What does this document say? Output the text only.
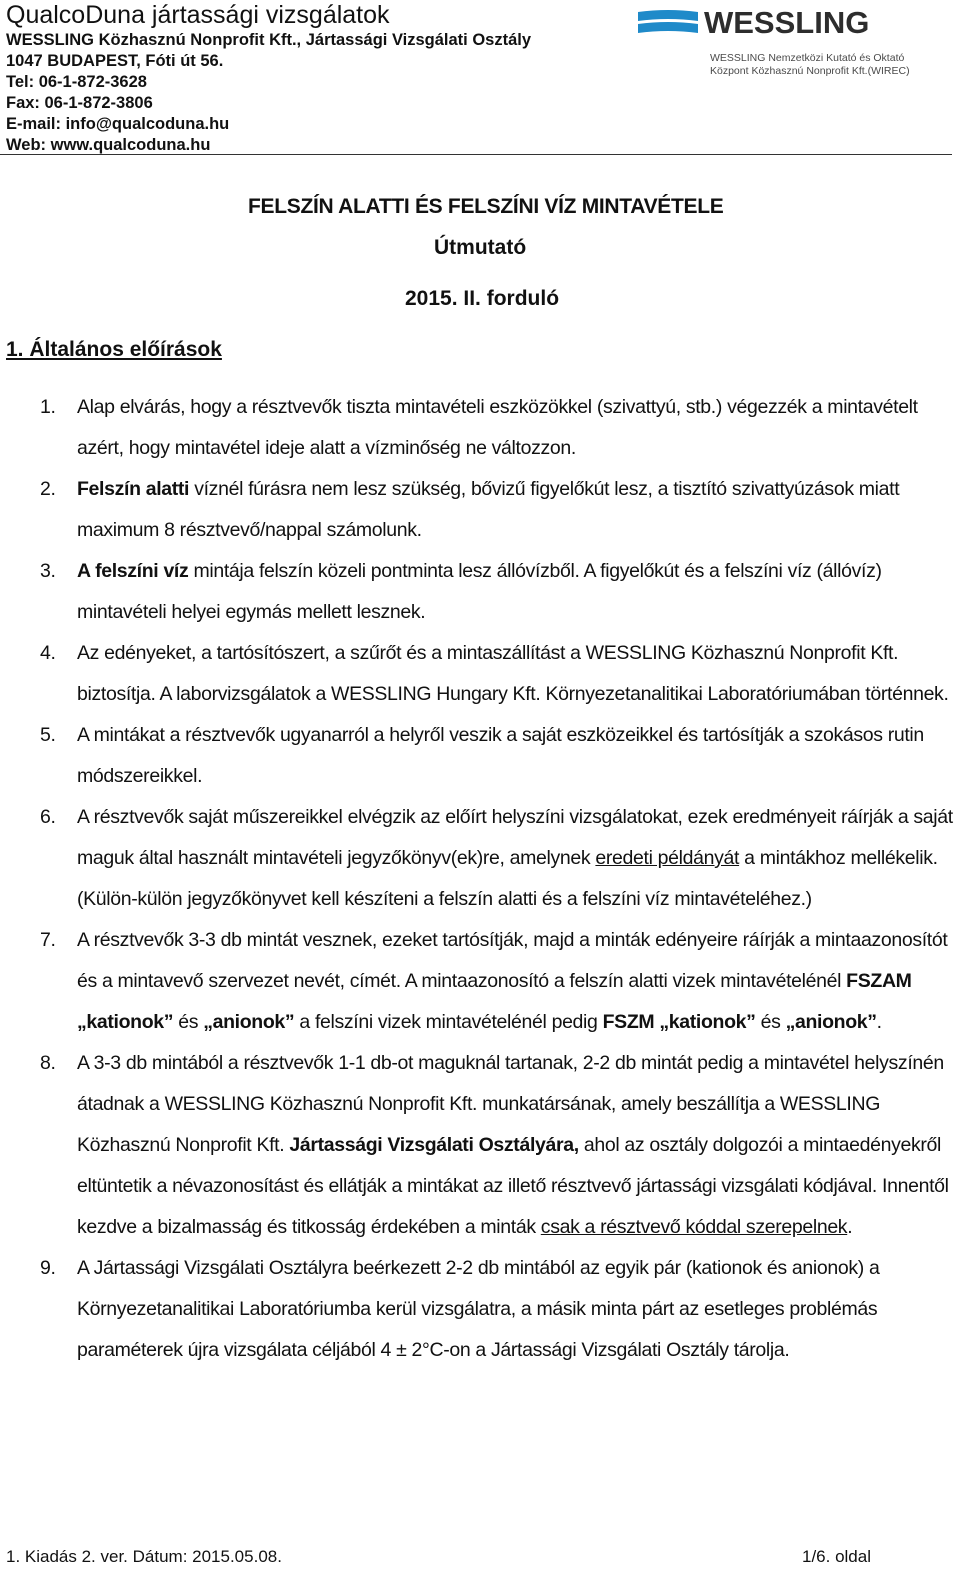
QualcoDuna jártassági vizsgálatok
WESSLING Közhasznú Nonprofit Kft., Jártassági Vizsgálati Osztály
1047 BUDAPEST, Fóti út 56.
Tel: 06-1-872-3628
Fax: 06-1-872-3806
E-mail: info@qualcoduna.hu
Web: www.qualcoduna.hu
WESSLING
WESSLING Nemzetközi Kutató és Oktató
Központ Közhasznú Nonprofit Kft.(WIREC)
FELSZÍN ALATTI ÉS FELSZÍNI VÍZ MINTAVÉTELE
Útmutató
2015. II. forduló
1. Általános előírások
1.	Alap elvárás, hogy a résztvevők tiszta mintavételi eszközökkel (szivattyú, stb.) végezzék a mintavételt azért, hogy mintavétel ideje alatt a vízminőség ne változzon.
2.	Felszín alatti víznél fúrásra nem lesz szükség, bővizű figyelőkút lesz, a tisztító szivattyúzások miatt maximum 8 résztvevő/nappal számolunk.
3.	A felszíni víz mintája felszín közeli pontminta lesz állóvízből. A figyelőkút és a felszíni víz (állóvíz) mintavételi helyei egymás mellett lesznek.
4.	Az edényeket, a tartósítószert, a szűrőt és a mintaszállítást a WESSLING Közhasznú Nonprofit Kft. biztosítja. A laborvizsgálatok a WESSLING Hungary Kft. Környezetanalitikai Laboratóriumában történnek.
5.	A mintákat a résztvevők ugyanarról a helyről veszik a saját eszközeikkel és tartósítják a szokásos rutin módszereikkel.
6.	A résztvevők saját műszereikkel elvégzik az előírt helyszíni vizsgálatokat, ezek eredményeit ráírják a saját maguk által használt mintavételi jegyzőkönyv(ek)re, amelynek eredeti példányát a mintákhoz mellékelik. (Külön-külön jegyzőkönyvet kell készíteni a felszín alatti és a felszíni víz mintavételéhez.)
7.	A résztvevők 3-3 db mintát vesznek, ezeket tartósítják, majd a minták edényeire ráírják a mintaazonosítót és a mintavevő szervezet nevét, címét. A mintaazonosító a felszín alatti vizek mintavételénél FSZAM „kationok” és „anionok” a felszíni vizek mintavételénél pedig FSZM „kationok” és „anionok”.
8.	A 3-3 db mintából a résztvevők 1-1 db-ot maguknál tartanak, 2-2 db mintát pedig a mintavétel helyszínén átadnak a WESSLING Közhasznú Nonprofit Kft. munkatársának, amely beszállítja a WESSLING Közhasznú Nonprofit Kft. Jártassági Vizsgálati Osztályára, ahol az osztály dolgozói a mintaedényekről eltüntetik a névazonosítást és ellátják a mintákat az illető résztvevő jártassági vizsgálati kódjával. Innentől kezdve a bizalmasság és titkosság érdekében a minták csak a résztvevő kóddal szerepelnek.
9.	A Jártassági Vizsgálati Osztályra beérkezett 2-2 db mintából az egyik pár (kationok és anionok) a Környezetanalitikai Laboratóriumba kerül vizsgálatra, a másik minta párt az esetleges problémás paraméterek újra vizsgálata céljából 4 ± 2°C-on a Jártassági Vizsgálati Osztály tárolja.
1. Kiadás 2. ver. Dátum: 2015.05.08.	1/6. oldal
